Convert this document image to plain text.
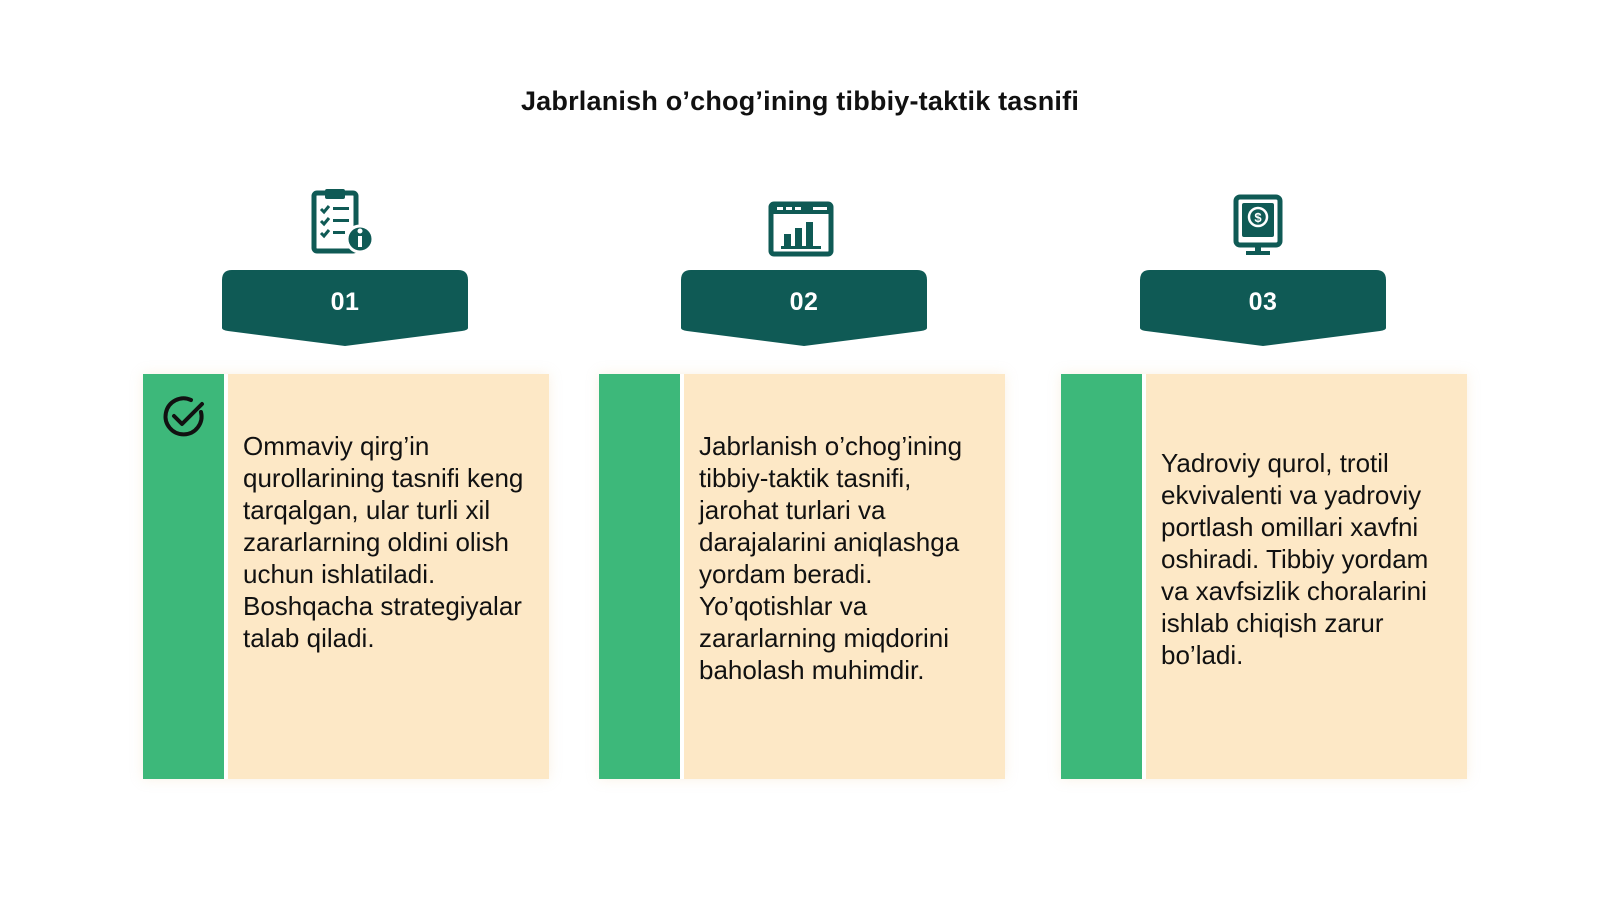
Jabrlanish o’chog’ining tibbiy-taktik tasnifi
01
Ommaviy qirg’in qurollarining tasnifi keng tarqalgan, ular turli xil zararlarning oldini olish uchun ishlatiladi. Boshqacha strategiyalar talab qiladi.
02
Jabrlanish o’chog’ining tibbiy-taktik tasnifi, jarohat turlari va darajalarini aniqlashga yordam beradi. Yo’qotishlar va zararlarning miqdorini baholash muhimdir.
$
03
Yadroviy qurol, trotil ekvivalenti va yadroviy portlash omillari xavfni oshiradi. Tibbiy yordam va xavfsizlik choralarini ishlab chiqish zarur bo’ladi.
